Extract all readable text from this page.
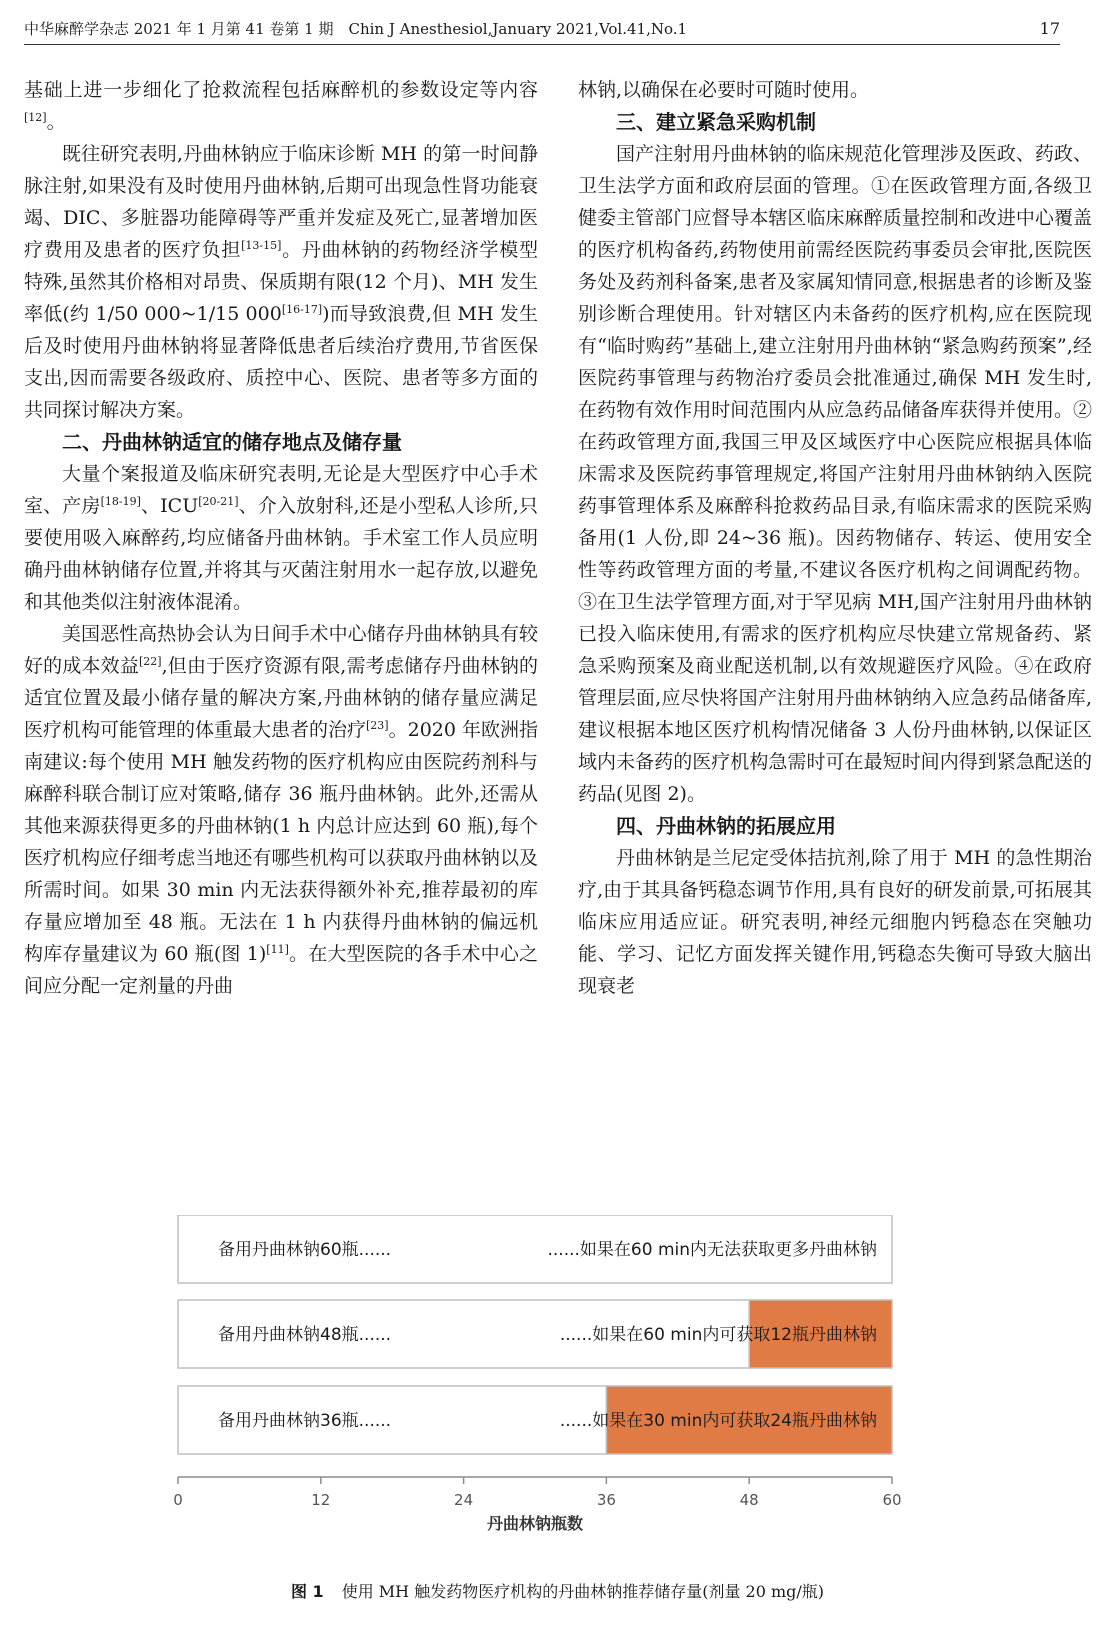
中华麻醉学杂志 2021 年 1 月第 41 卷第 1 期　Chin J Anesthesiol,January 2021,Vol.41,No.1	17

基础上进一步细化了抢救流程包括麻醉机的参数设定等内容[12]。

既往研究表明,丹曲林钠应于临床诊断 MH 的第一时间静脉注射,如果没有及时使用丹曲林钠,后期可出现急性肾功能衰竭、DIC、多脏器功能障碍等严重并发症及死亡,显著增加医疗费用及患者的医疗负担[13-15]。丹曲林钠的药物经济学模型特殊,虽然其价格相对昂贵、保质期有限(12 个月)、MH 发生率低(约 1/50 000~1/15 000[16-17])而导致浪费,但 MH 发生后及时使用丹曲林钠将显著降低患者后续治疗费用,节省医保支出,因而需要各级政府、质控中心、医院、患者等多方面的共同探讨解决方案。

二、丹曲林钠适宜的储存地点及储存量

大量个案报道及临床研究表明,无论是大型医疗中心手术室、产房[18-19]、ICU[20-21]、介入放射科,还是小型私人诊所,只要使用吸入麻醉药,均应储备丹曲林钠。手术室工作人员应明确丹曲林钠储存位置,并将其与灭菌注射用水一起存放,以避免和其他类似注射液体混淆。

美国恶性高热协会认为日间手术中心储存丹曲林钠具有较好的成本效益[22],但由于医疗资源有限,需考虑储存丹曲林钠的适宜位置及最小储存量的解决方案,丹曲林钠的储存量应满足医疗机构可能管理的体重最大患者的治疗[23]。2020 年欧洲指南建议:每个使用 MH 触发药物的医疗机构应由医院药剂科与麻醉科联合制订应对策略,储存 36 瓶丹曲林钠。此外,还需从其他来源获得更多的丹曲林钠(1 h 内总计应达到 60 瓶),每个医疗机构应仔细考虑当地还有哪些机构可以获取丹曲林钠以及所需时间。如果 30 min 内无法获得额外补充,推荐最初的库存量应增加至 48 瓶。无法在 1 h 内获得丹曲林钠的偏远机构库存量建议为 60 瓶(图 1)[11]。在大型医院的各手术中心之间应分配一定剂量的丹曲

林钠,以确保在必要时可随时使用。

三、建立紧急采购机制

国产注射用丹曲林钠的临床规范化管理涉及医政、药政、卫生法学方面和政府层面的管理。①在医政管理方面,各级卫健委主管部门应督导本辖区临床麻醉质量控制和改进中心覆盖的医疗机构备药,药物使用前需经医院药事委员会审批,医院医务处及药剂科备案,患者及家属知情同意,根据患者的诊断及鉴别诊断合理使用。针对辖区内未备药的医疗机构,应在医院现有“临时购药”基础上,建立注射用丹曲林钠“紧急购药预案”,经医院药事管理与药物治疗委员会批准通过,确保 MH 发生时,在药物有效作用时间范围内从应急药品储备库获得并使用。②在药政管理方面,我国三甲及区域医疗中心医院应根据具体临床需求及医院药事管理规定,将国产注射用丹曲林钠纳入医院药事管理体系及麻醉科抢救药品目录,有临床需求的医院采购备用(1 人份,即 24~36 瓶)。因药物储存、转运、使用安全性等药政管理方面的考量,不建议各医疗机构之间调配药物。③在卫生法学管理方面,对于罕见病 MH,国产注射用丹曲林钠已投入临床使用,有需求的医疗机构应尽快建立常规备药、紧急采购预案及商业配送机制,以有效规避医疗风险。④在政府管理层面,应尽快将国产注射用丹曲林钠纳入应急药品储备库,建议根据本地区医疗机构情况储备 3 人份丹曲林钠,以保证区域内未备药的医疗机构急需时可在最短时间内得到紧急配送的药品(见图 2)。

四、丹曲林钠的拓展应用

丹曲林钠是兰尼定受体拮抗剂,除了用于 MH 的急性期治疗,由于其具备钙稳态调节作用,具有良好的研发前景,可拓展其临床应用适应证。研究表明,神经元细胞内钙稳态在突触功能、学习、记忆方面发挥关键作用,钙稳态失衡可导致大脑出现衰老

备用丹曲林钠60瓶......	......如果在60 min内无法获取更多丹曲林钠
备用丹曲林钠48瓶......	......如果在60 min内可获取12瓶丹曲林钠
备用丹曲林钠36瓶......	......如果在30 min内可获取24瓶丹曲林钠
0	12	24	36	48	60
丹曲林钠瓶数
图 1 使用 MH 触发药物医疗机构的丹曲林钠推荐储存量(剂量 20 mg/瓶)
